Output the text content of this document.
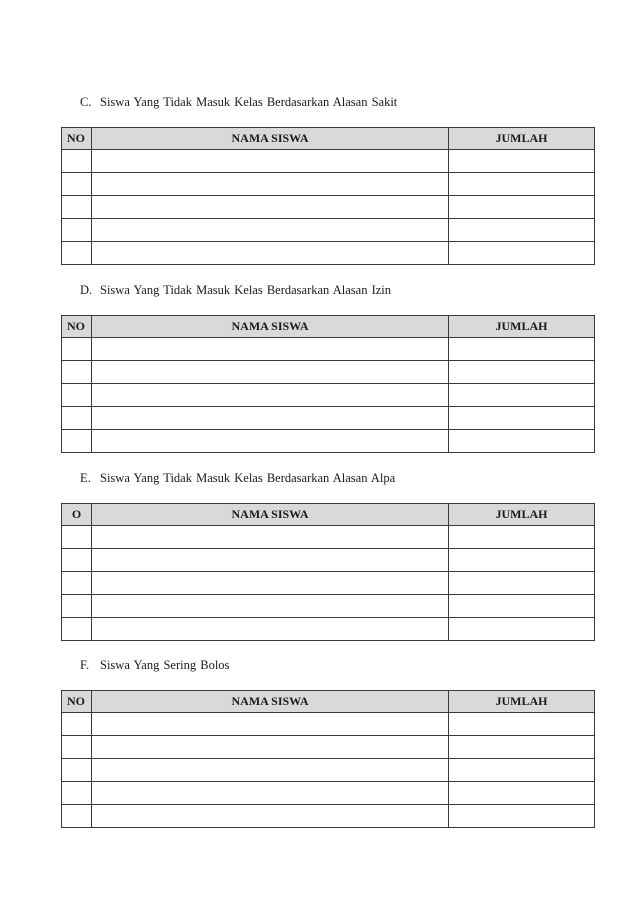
C. Siswa Yang Tidak Masuk Kelas Berdasarkan Alasan Sakit
NO	NAMA SISWA	JUMLAH

D. Siswa Yang Tidak Masuk Kelas Berdasarkan Alasan Izin
NO	NAMA SISWA	JUMLAH

E. Siswa Yang Tidak Masuk Kelas Berdasarkan Alasan Alpa
O	NAMA SISWA	JUMLAH

F. Siswa Yang Sering Bolos
NO	NAMA SISWA	JUMLAH
